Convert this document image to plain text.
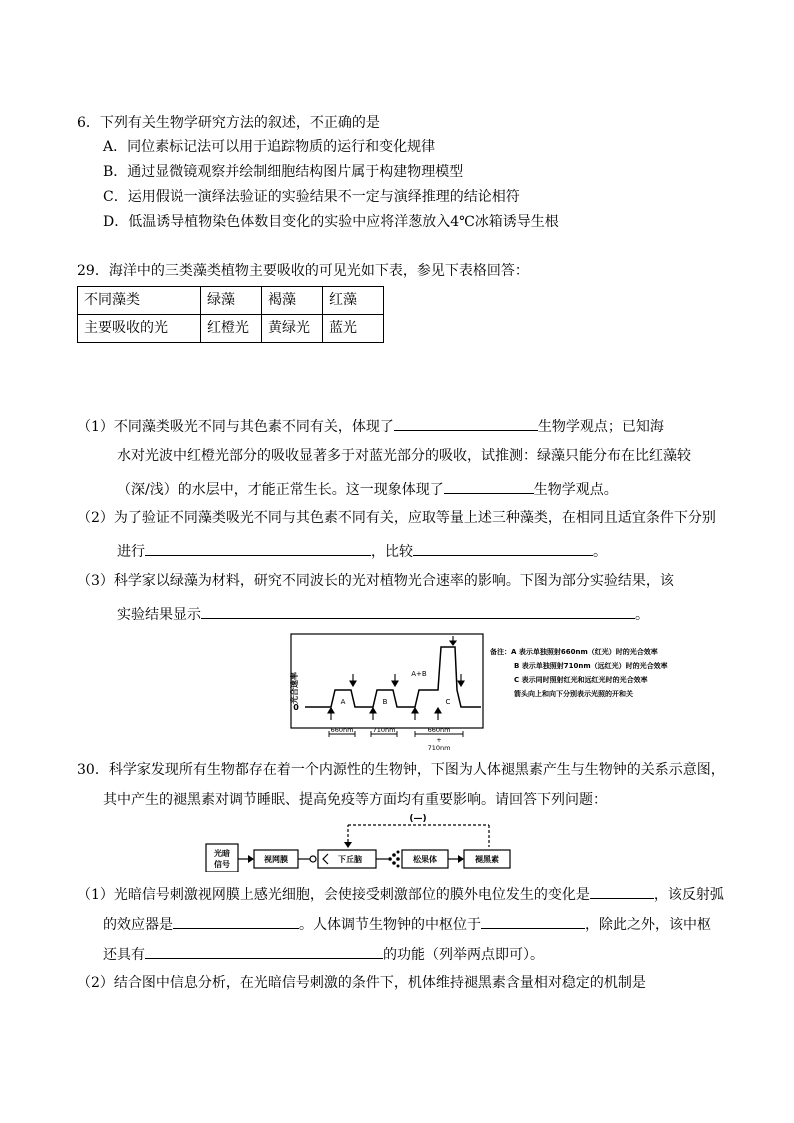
6．下列有关生物学研究方法的叙述，不正确的是
A．同位素标记法可以用于追踪物质的运行和变化规律
B．通过显微镜观察并绘制细胞结构图片属于构建物理模型
C．运用假说一演绎法验证的实验结果不一定与演绎推理的结论相符
D．低温诱导植物染色体数目变化的实验中应将洋葱放入4℃冰箱诱导生根
29．海洋中的三类藻类植物主要吸收的可见光如下表，参见下表格回答：
不同藻类	绿藻	褐藻	红藻
主要吸收的光	红橙光	黄绿光	蓝光
（1）不同藻类吸光不同与其色素不同有关，体现了	生物学观点；已知海
水对光波中红橙光部分的吸收显著多于对蓝光部分的吸收，试推测：绿藻只能分布在比红藻较
（深/浅）的水层中，才能正常生长。这一现象体现了	生物学观点。
（2）为了验证不同藻类吸光不同与其色素不同有关，应取等量上述三种藻类，在相同且适宜条件下分别
进行	，比较	。
（3）科学家以绿藻为材料，研究不同波长的光对植物光合速率的影响。下图为部分实验结果，该
实验结果显示	。
光合速率
0
A	B
A+B
C
660nm	710nm	660nm
+
710nm
备注：A 表示单独照射660nm（红光）时的光合效率
B 表示单独照射710nm（远红光）时的光合效率
C 表示同时照射红光和远红光时的光合效率
箭头向上和向下分别表示光照的开和关
30．科学家发现所有生物都存在着一个内源性的生物钟，下图为人体褪黑素产生与生物钟的关系示意图，
其中产生的褪黑素对调节睡眠、提高免疫等方面均有重要影响。请回答下列问题：
(—)
光暗
信号
视网膜	下丘脑	松果体	褪黑素
（1）光暗信号刺激视网膜上感光细胞，会使接受刺激部位的膜外电位发生的变化是	，该反射弧
的效应器是	。人体调节生物钟的中枢位于	，除此之外，该中枢
还具有	的功能（列举两点即可）。
（2）结合图中信息分析，在光暗信号刺激的条件下，机体维持褪黑素含量相对稳定的机制是
